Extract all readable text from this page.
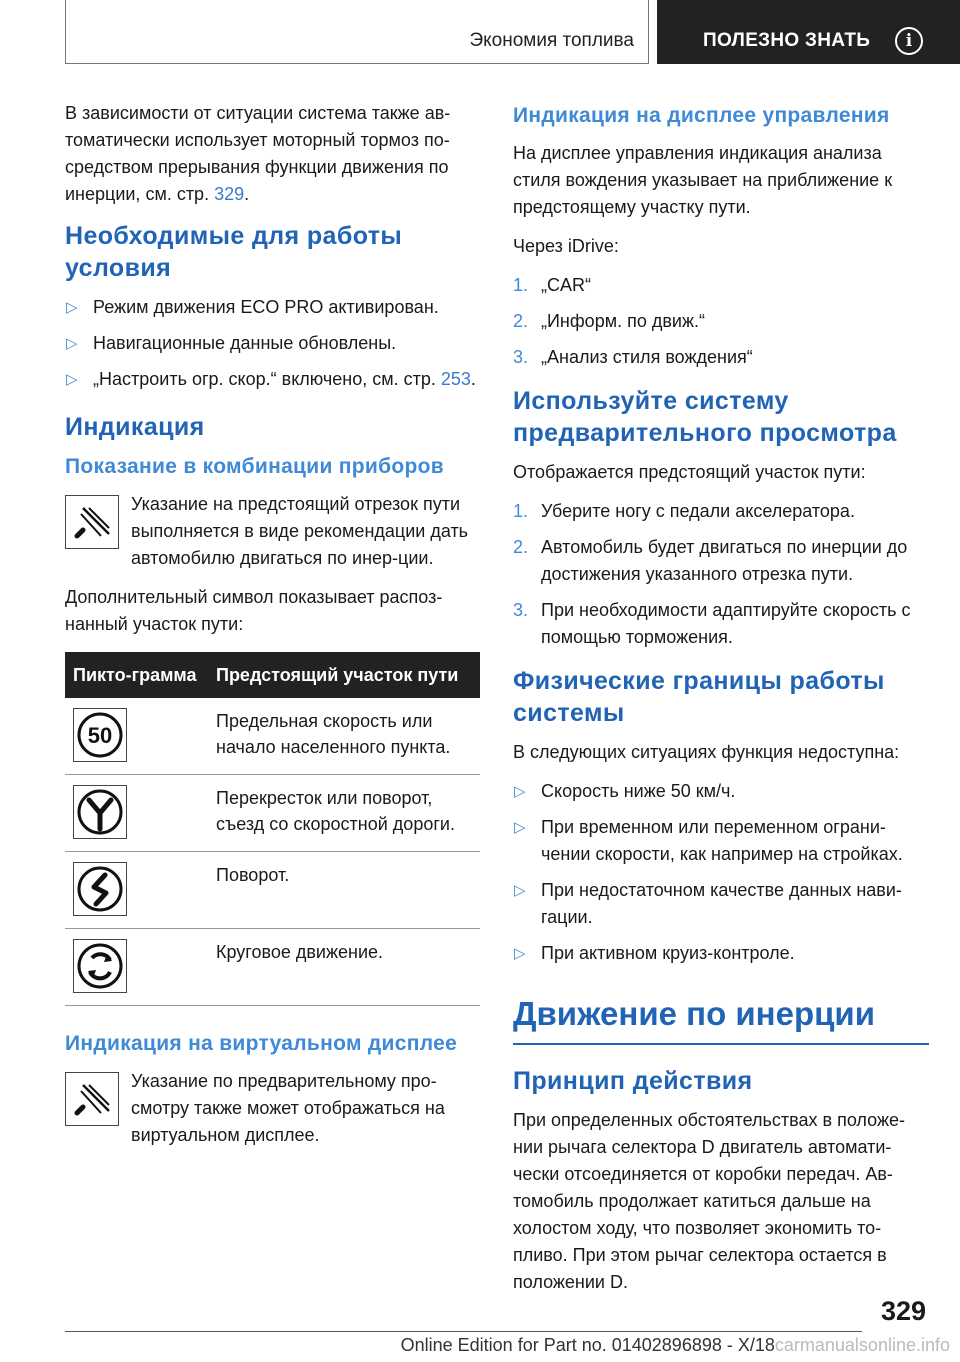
Экономия топлива	ПОЛЕЗНО ЗНАТЬ	i

В зависимости от ситуации система также ав-томатически использует моторный тормоз по-средством прерывания функции движения по инерции, см. стр. 329.

Необходимые для работы условия
▷ Режим движения ECO PRO активирован.
▷ Навигационные данные обновлены.
▷ „Настроить огр. скор.“ включено, см. стр. 253.
Индикация
Показание в комбинации приборов

Указание на предстоящий отрезок пути выполняется в виде рекомендации дать автомобилю двигаться по инер-ции.

Дополнительный символ показывает распоз-нанный участок пути:

Пикто-грамма	Предстоящий участок пути

50	Предельная скорость или начало населенного пункта.

	Перекресток или поворот, съезд со скоростной дороги.

	Поворот.

	Круговое движение.
Индикация на виртуальном дисплее

Указание по предварительному про-смотру также может отображаться на виртуальном дисплее.

Индикация на дисплее управления

На дисплее управления индикация анализа стиля вождения указывает на приближение к предстоящему участку пути.

Через iDrive:

1. „CAR“
2. „Информ. по движ.“
3. „Анализ стиля вождения“
Используйте систему предварительного просмотра

Отображается предстоящий участок пути:

1. Уберите ногу с педали акселератора.
2. Автомобиль будет двигаться по инерции до достижения указанного отрезка пути.
3. При необходимости адаптируйте скорость с помощью торможения.
Физические границы работы системы

В следующих ситуациях функция недоступна:

▷ Скорость ниже 50 км/ч.
▷ При временном или переменном ограни-чении скорости, как например на стройках.
▷ При недостаточном качестве данных нави-гации.
▷ При активном круиз-контроле.
Движение по инерции
Принцип действия

При определенных обстоятельствах в положе-нии рычага селектора D двигатель автомати-чески отсоединяется от коробки передач. Ав-томобиль продолжает катиться дальше на холостом ходу, что позволяет экономить то-пливо. При этом рычаг селектора остается в положении D.

329
Online Edition for Part no. 01402896898 - X/18carmanualsonline.info
